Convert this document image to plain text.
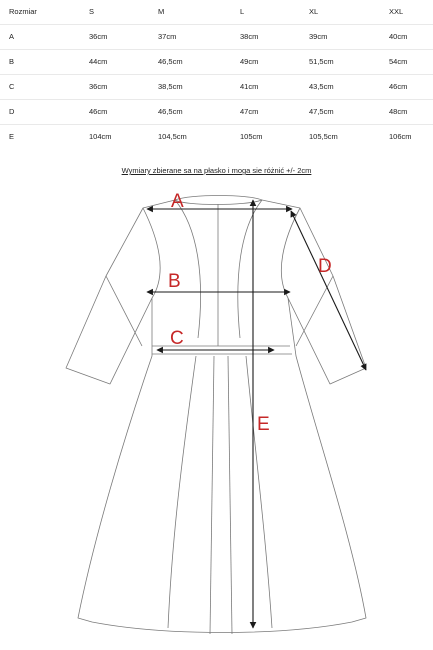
Rozmiar	S	M	L	XL	XXL
A	36cm	37cm	38cm	39cm	40cm
B	44cm	46,5cm	49cm	51,5cm	54cm
C	36cm	38,5cm	41cm	43,5cm	46cm
D	46cm	46,5cm	47cm	47,5cm	48cm
E	104cm	104,5cm	105cm	105,5cm	106cm
Wymiary zbierane sa na płasko i moga sie różnić +/- 2cm
A
B
C
D
E
